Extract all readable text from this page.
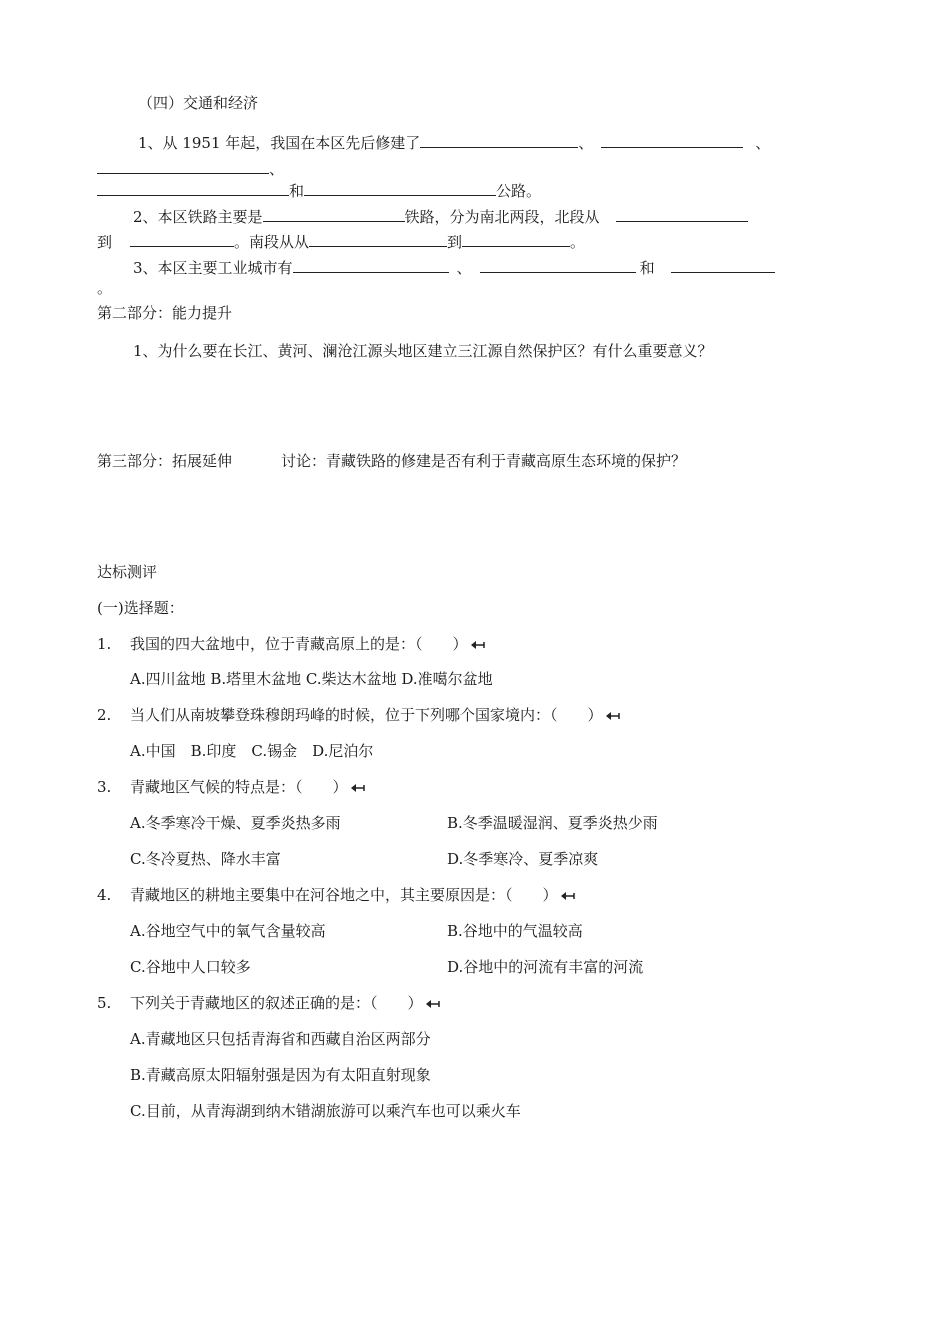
（四）交通和经济
1、从 1951 年起，我国在本区先后修建了	、	、
、
和	公路。
2、本区铁路主要是	铁路，分为南北两段，北段从
到	。南段从从	到	。
3、本区主要工业城市有	、	和
。
第二部分：能力提升
1、为什么要在长江、黄河、澜沧江源头地区建立三江源自然保护区？有什么重要意义？
第三部分：拓展延伸	讨论：青藏铁路的修建是否有利于青藏高原生态环境的保护？
达标测评
(一)选择题：
1. 我国的四大盆地中，位于青藏高原上的是：（　　）
A.四川盆地 B.塔里木盆地 C.柴达木盆地 D.准噶尔盆地
2. 当人们从南坡攀登珠穆朗玛峰的时候，位于下列哪个国家境内：（　　）
A.中国　B.印度　C.锡金　D.尼泊尔
3. 青藏地区气候的特点是：（　　）
A.冬季寒冷干燥、夏季炎热多雨	B.冬季温暖湿润、夏季炎热少雨
C.冬冷夏热、降水丰富	D.冬季寒冷、夏季凉爽
4. 青藏地区的耕地主要集中在河谷地之中，其主要原因是：（　　）
A.谷地空气中的氧气含量较高	B.谷地中的气温较高
C.谷地中人口较多	D.谷地中的河流有丰富的河流
5. 下列关于青藏地区的叙述正确的是：（　　）
A.青藏地区只包括青海省和西藏自治区两部分
B.青藏高原太阳辐射强是因为有太阳直射现象
C.目前，从青海湖到纳木错湖旅游可以乘汽车也可以乘火车
